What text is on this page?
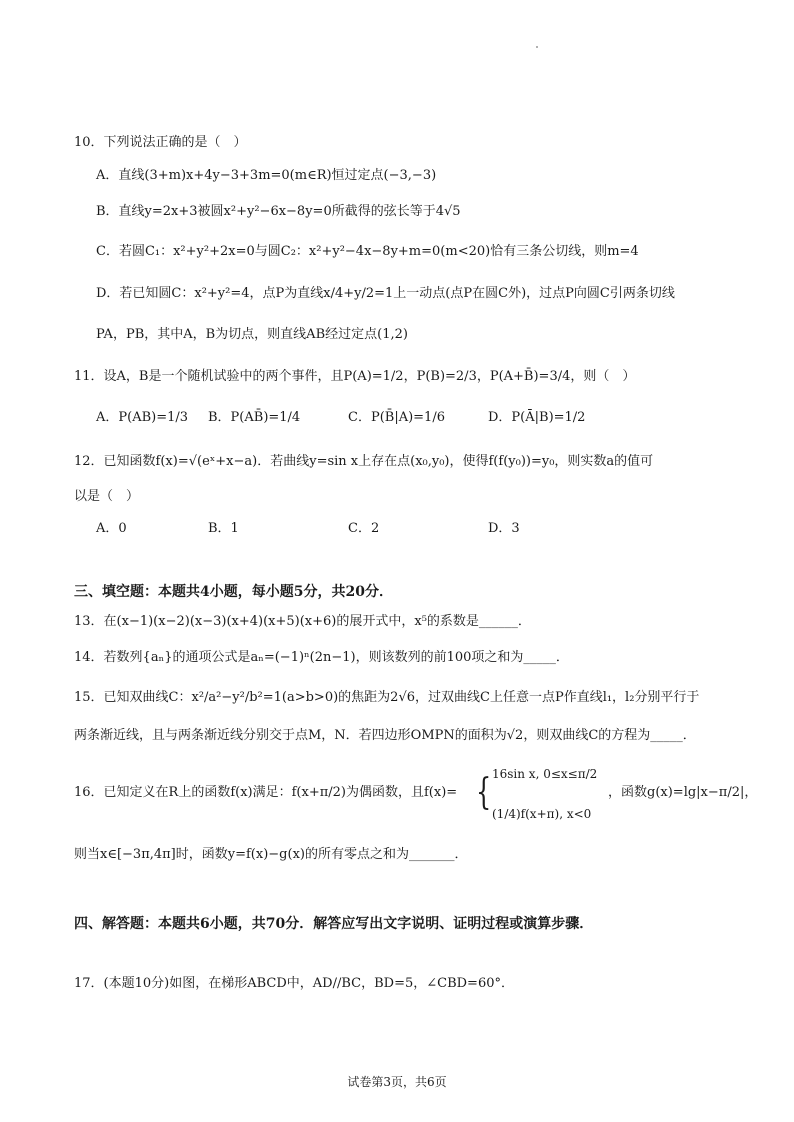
10．下列说法正确的是（　）
A．直线(3+m)x+4y−3+3m=0(m∈R)恒过定点(−3,−3)
B．直线y=2x+3被圆x²+y²−6x−8y=0所截得的弦长等于4√5
C．若圆C₁：x²+y²+2x=0与圆C₂：x²+y²−4x−8y+m=0(m<20)恰有三条公切线，则m=4
D．若已知圆C：x²+y²=4，点P为直线x/4+y/2=1上一动点(点P在圆C外)，过点P向圆C引两条切线
PA，PB，其中A，B为切点，则直线AB经过定点(1,2)
11．设A，B是一个随机试验中的两个事件，且P(A)=1/2，P(B)=2/3，P(A+B̄)=3/4，则（　）
A．P(AB)=1/3 B．P(AB̄)=1/4	C．P(B̄|A)=1/6	D．P(Ā|B)=1/2
12．已知函数f(x)=√(eˣ+x−a)．若曲线y=sin x上存在点(x₀,y₀)，使得f(f(y₀))=y₀，则实数a的值可
以是（　）
A．0	B．1	C．2	D．3
三、填空题：本题共4小题，每小题5分，共20分．
13．在(x−1)(x−2)(x−3)(x+4)(x+5)(x+6)的展开式中，x⁵的系数是______．
14．若数列{aₙ}的通项公式是aₙ=(−1)ⁿ(2n−1)，则该数列的前100项之和为_____．
15．已知双曲线C：x²/a²−y²/b²=1(a>b>0)的焦距为2√6，过双曲线C上任意一点P作直线l₁，l₂分别平行于
两条渐近线，且与两条渐近线分别交于点M，N．若四边形OMPN的面积为√2，则双曲线C的方程为_____．
16．已知定义在R上的函数f(x)满足：f(x+π/2)为偶函数，且f(x)= { 16sin x, 0≤x≤π/2
(1/4)f(x+π), x<0
，函数g(x)=lg|x−π/2|，
则当x∈[−3π,4π]时，函数y=f(x)−g(x)的所有零点之和为_______．
四、解答题：本题共6小题，共70分．解答应写出文字说明、证明过程或演算步骤．
17．(本题10分)如图，在梯形ABCD中，AD//BC，BD=5，∠CBD=60°．
试卷第3页，共6页
